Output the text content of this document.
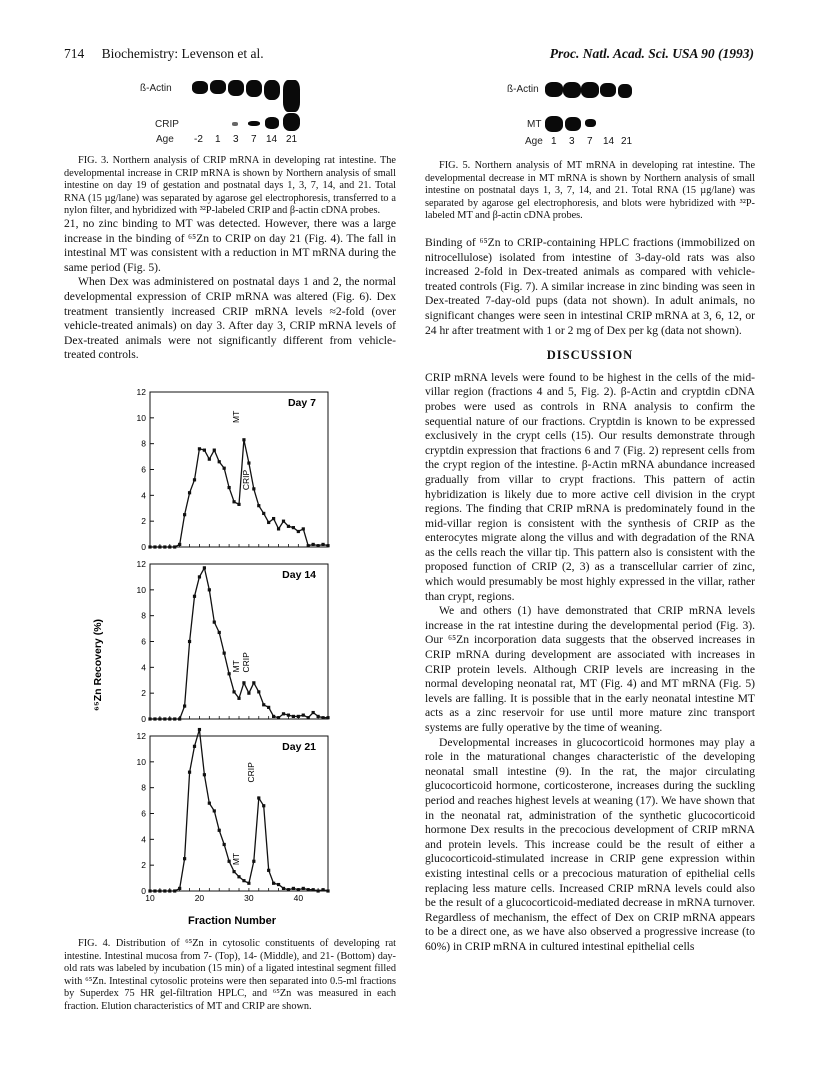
714 Biochemistry: Levenson et al.	Proc. Natl. Acad. Sci. USA 90 (1993)
ß-Actin
CRIP
Age -2 1 3 7 14 21

FIG. 3. Northern analysis of CRIP mRNA in developing rat intestine. The developmental increase in CRIP mRNA is shown by Northern analysis of small intestine on day 19 of gestation and postnatal days 1, 3, 7, 14, and 21. Total RNA (15 µg/lane) was separated by agarose gel electrophoresis, transferred to a nylon filter, and hybridized with ³²P-labeled CRIP and β-actin cDNA probes.

21, no zinc binding to MT was detected. However, there was a large increase in the binding of ⁶⁵Zn to CRIP on day 21 (Fig. 4). The fall in intestinal MT was consistent with a reduction in MT mRNA during the same period (Fig. 5).

When Dex was administered on postnatal days 1 and 2, the normal developmental expression of CRIP mRNA was altered (Fig. 6). Dex treatment transiently increased CRIP mRNA levels ≈2-fold (over vehicle-treated animals) on day 3. After day 3, CRIP mRNA levels of Dex-treated animals were not significantly different from vehicle-treated controls.

⁶⁵Zn Recovery (%)
0
2
4
6
8
10
12
Day 7
MT
CRIP
0
2
4
6
8
10
12
Day 14
MT CRIP
0
2
4
6
8
10
12
10	20	30	40
Day 21
MT
CRIP
Fraction Number

FIG. 4. Distribution of ⁶⁵Zn in cytosolic constituents of developing rat intestine. Intestinal mucosa from 7- (Top), 14- (Middle), and 21- (Bottom) day-old rats was labeled by incubation (15 min) of a ligated intestinal segment filled with ⁶⁵Zn. Intestinal cytosolic proteins were then separated into 0.5-ml fractions by Superdex 75 HR gel-filtration HPLC, and ⁶⁵Zn was measured in each fraction. Elution characteristics of MT and CRIP are shown.

ß-Actin
MT
Age 1 3 7 14 21

FIG. 5. Northern analysis of MT mRNA in developing rat intestine. The developmental decrease in MT mRNA is shown by Northern analysis of small intestine on postnatal days 1, 3, 7, 14, and 21. Total RNA (15 µg/lane) was separated by agarose gel electrophoresis, and blots were hybridized with ³²P-labeled MT and β-actin cDNA probes.

Binding of ⁶⁵Zn to CRIP-containing HPLC fractions (immobilized on nitrocellulose) isolated from intestine of 3-day-old rats was also increased 2-fold in Dex-treated animals as compared with vehicle-treated controls (Fig. 7). A similar increase in zinc binding was seen in Dex-treated 7-day-old pups (data not shown). In adult animals, no significant changes were seen in intestinal CRIP mRNA at 3, 6, 12, or 24 hr after treatment with 1 or 2 mg of Dex per kg (data not shown).

DISCUSSION

CRIP mRNA levels were found to be highest in the cells of the mid-villar region (fractions 4 and 5, Fig. 2). β-Actin and cryptdin cDNA probes were used as controls in RNA analysis to confirm the sequential nature of our fractions. Cryptdin is known to be expressed exclusively in the crypt cells (15). Our results demonstrate through cryptdin expression that fractions 6 and 7 (Fig. 2) represent cells from the crypt region of the intestine. β-Actin mRNA abundance increased gradually from villar to crypt fractions. This pattern of actin hybridization is likely due to more active cell division in the crypt regions. The finding that CRIP mRNA is predominately found in the mid-villar region is consistent with the synthesis of CRIP as the enterocytes migrate along the villus and with degradation of the RNA as the cells reach the villar tip. This pattern also is consistent with the proposed function of CRIP (2, 3) as a transcellular carrier of zinc, which would presumably be most highly expressed in the villar, rather than crypt, regions.

We and others (1) have demonstrated that CRIP mRNA levels increase in the rat intestine during the developmental period (Fig. 3). Our ⁶⁵Zn incorporation data suggests that the observed increases in CRIP mRNA during development are associated with increases in CRIP protein levels. Although CRIP levels are increasing in the normal developing neonatal rat, MT (Fig. 4) and MT mRNA (Fig. 5) levels are falling. It is possible that in the early neonatal intestine MT acts as a zinc reservoir for use until more mature zinc transport systems are fully operative by the time of weaning.

Developmental increases in glucocorticoid hormones may play a role in the maturational changes characteristic of the developing neonatal small intestine (9). In the rat, the major circulating glucocorticoid hormone, corticosterone, increases during the suckling period and reaches highest levels at weaning (17). We have shown that in the neonatal rat, administration of the synthetic glucocorticoid hormone Dex results in the precocious development of CRIP mRNA and protein levels. This increase could be the result of either a glucocorticoid-stimulated increase in CRIP gene expression within existing intestinal cells or a precocious maturation of epithelial cells replacing less mature cells. Increased CRIP mRNA levels could also be the result of a glucocorticoid-mediated decrease in mRNA turnover. Regardless of mechanism, the effect of Dex on CRIP mRNA appears to be a direct one, as we have also observed a progressive increase (to 60%) in CRIP mRNA in cultured intestinal epithelial cells
